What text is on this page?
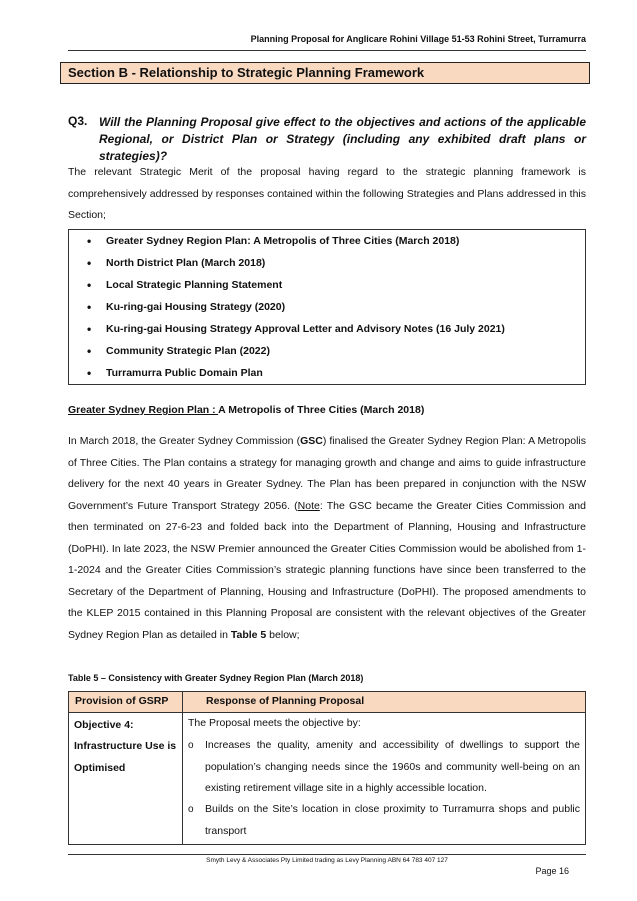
Planning Proposal for Anglicare Rohini Village 51-53 Rohini Street, Turramurra
Section B - Relationship to Strategic Planning Framework
Q3. Will the Planning Proposal give effect to the objectives and actions of the applicable Regional, or District Plan or Strategy (including any exhibited draft plans or strategies)?
The relevant Strategic Merit of the proposal having regard to the strategic planning framework is comprehensively addressed by responses contained within the following Strategies and Plans addressed in this Section;
• Greater Sydney Region Plan: A Metropolis of Three Cities (March 2018)
• North District Plan (March 2018)
• Local Strategic Planning Statement
• Ku-ring-gai Housing Strategy (2020)
• Ku-ring-gai Housing Strategy Approval Letter and Advisory Notes (16 July 2021)
• Community Strategic Plan (2022)
• Turramurra Public Domain Plan
Greater Sydney Region Plan : A Metropolis of Three Cities (March 2018)
In March 2018, the Greater Sydney Commission (GSC) finalised the Greater Sydney Region Plan: A Metropolis of Three Cities. The Plan contains a strategy for managing growth and change and aims to guide infrastructure delivery for the next 40 years in Greater Sydney. The Plan has been prepared in conjunction with the NSW Government’s Future Transport Strategy 2056. (Note: The GSC became the Greater Cities Commission and then terminated on 27-6-23 and folded back into the Department of Planning, Housing and Infrastructure (DoPHI). In late 2023, the NSW Premier announced the Greater Cities Commission would be abolished from 1-1-2024 and the Greater Cities Commission’s strategic planning functions have since been transferred to the Secretary of the Department of Planning, Housing and Infrastructure (DoPHI). The proposed amendments to the KLEP 2015 contained in this Planning Proposal are consistent with the relevant objectives of the Greater Sydney Region Plan as detailed in Table 5 below;
Table 5 – Consistency with Greater Sydney Region Plan (March 2018)
Provision of GSRP	Response of Planning Proposal
Objective 4:
Infrastructure Use is
Optimised
The Proposal meets the objective by:
o Increases the quality, amenity and accessibility of dwellings to support the population’s changing needs since the 1960s and community well-being on an existing retirement village site in a highly accessible location.
o Builds on the Site’s location in close proximity to Turramurra shops and public transport
Smyth Levy & Associates Pty Limited trading as Levy Planning ABN 64 783 407 127
Page 16
